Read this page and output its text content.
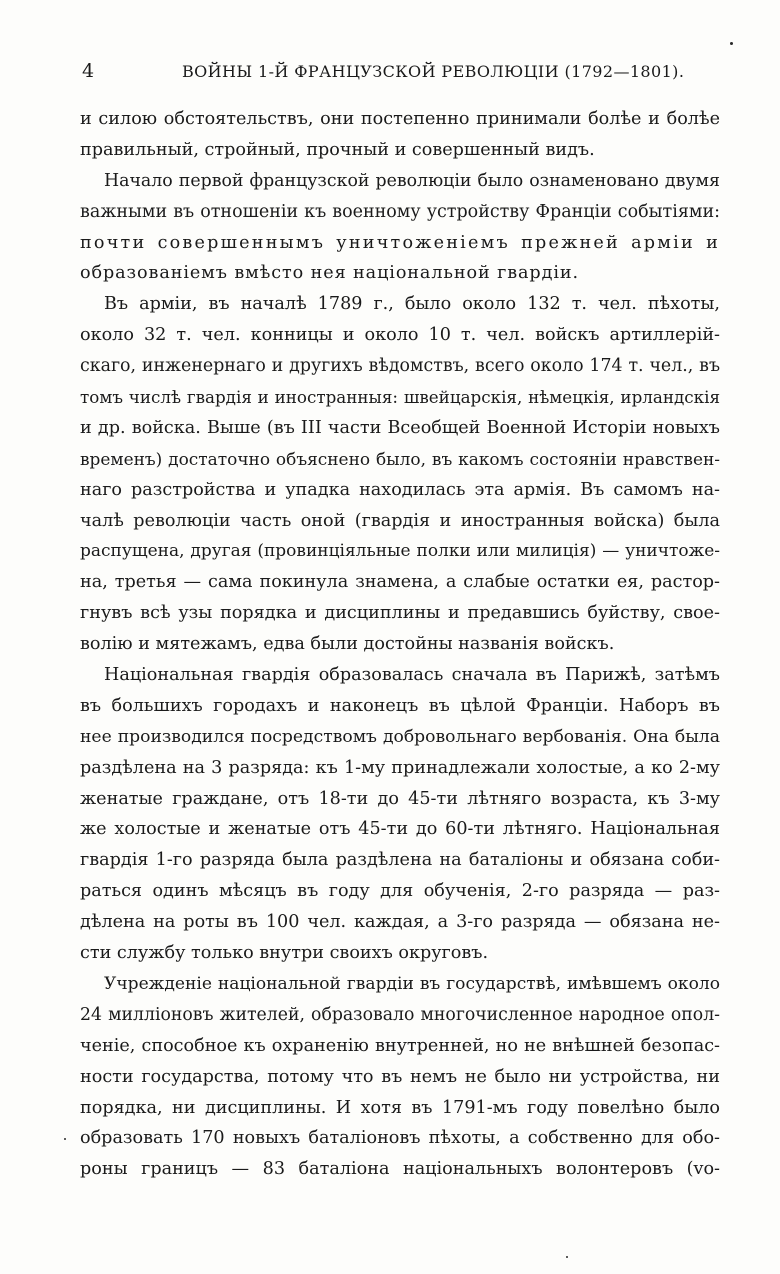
4	ВОЙНЫ 1-Й ФРАНЦУЗСКОЙ РЕВОЛЮЦІИ (1792—1801).
и силою обстоятельствъ, они постепенно принимали болѣе и болѣе
правильный, стройный, прочный и совершенный видъ.
Начало первой французской революціи было ознаменовано двумя
важными въ отношеніи къ военному устройству Франціи событіями:
почти совершеннымъ уничтоженіемъ прежней арміи и
образованіемъ вмѣсто нея національной гвардіи.
Въ арміи, въ началѣ 1789 г., было около 132 т. чел. пѣхоты,
около 32 т. чел. конницы и около 10 т. чел. войскъ артиллерій-
скаго, инженернаго и другихъ вѣдомствъ, всего около 174 т. чел., въ
томъ числѣ гвардія и иностранныя: швейцарскія, нѣмецкія, ирландскія
и др. войска. Выше (въ III части Всеобщей Военной Исторіи новыхъ
временъ) достаточно объяснено было, въ какомъ состояніи нравствен-
наго разстройства и упадка находилась эта армія. Въ самомъ на-
чалѣ революціи часть оной (гвардія и иностранныя войска) была
распущена, другая (провинціяльные полки или милиція) — уничтоже-
на, третья — сама покинула знамена, а слабые остатки ея, растор-
гнувъ всѣ узы порядка и дисциплины и предавшись буйству, свое-
волію и мятежамъ, едва были достойны названія войскъ.
Національная гвардія образовалась сначала въ Парижѣ, затѣмъ
въ большихъ городахъ и наконецъ въ цѣлой Франціи. Наборъ въ
нее производился посредствомъ добровольнаго вербованія. Она была
раздѣлена на 3 разряда: къ 1-му принадлежали холостые, а ко 2-му
женатые граждане, отъ 18-ти до 45-ти лѣтняго возраста, къ 3-му
же холостые и женатые отъ 45-ти до 60-ти лѣтняго. Національная
гвардія 1-го разряда была раздѣлена на баталіоны и обязана соби-
раться одинъ мѣсяцъ въ году для обученія, 2-го разряда — раз-
дѣлена на роты въ 100 чел. каждая, а 3-го разряда — обязана не-
сти службу только внутри своихъ округовъ.
Учрежденіе національной гвардіи въ государствѣ, имѣвшемъ около
24 милліоновъ жителей, образовало многочисленное народное опол-
ченіе, способное къ охраненію внутренней, но не внѣшней безопас-
ности государства, потому что въ немъ не было ни устройства, ни
порядка, ни дисциплины. И хотя въ 1791-мъ году повелѣно было
образовать 170 новыхъ баталіоновъ пѣхоты, а собственно для обо-
роны границъ — 83 баталіона національныхъ волонтеровъ (vo-
